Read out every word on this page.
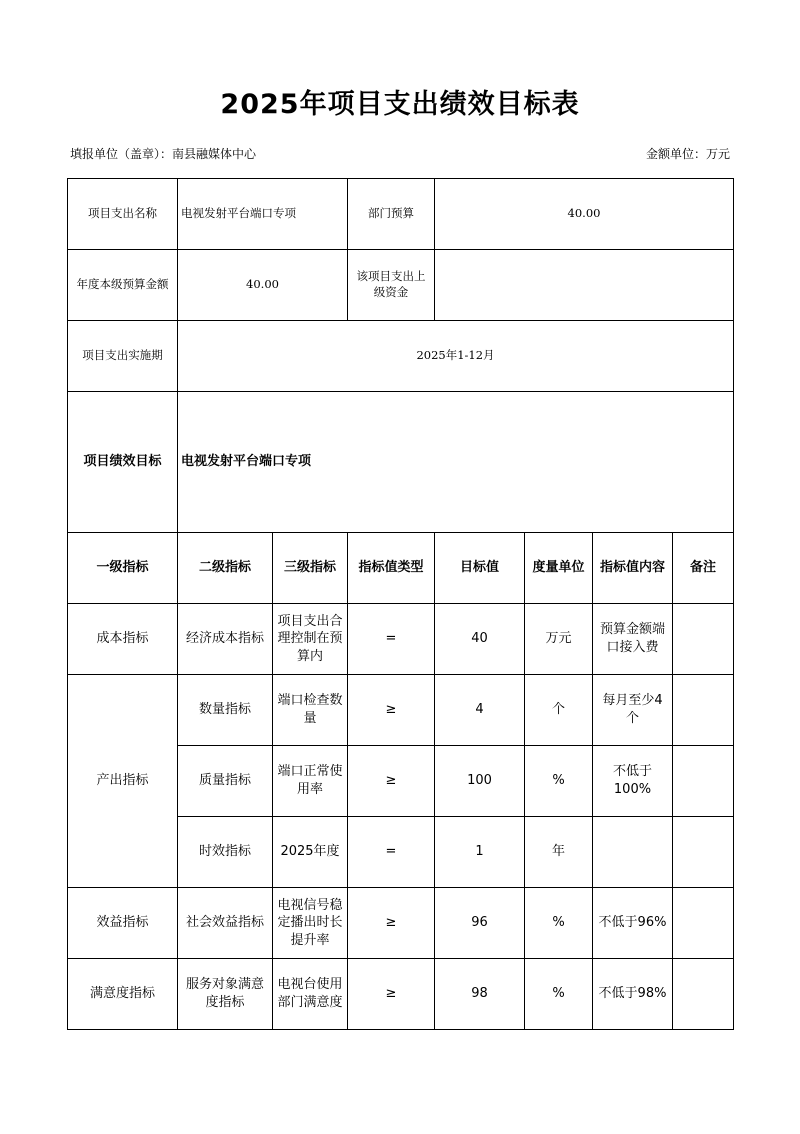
2025年项目支出绩效目标表
填报单位（盖章）：南县融媒体中心	金额单位：万元
项目支出名称	电视发射平台端口专项		部门预算	40.00			
年度本级预算金额	40.00		该项目支出上级资金				
项目支出实施期	2025年1-12月						
项目绩效目标	电视发射平台端口专项						
一级指标	二级指标	三级指标	指标值类型	目标值	度量单位	指标值内容	备注
成本指标	经济成本指标	项目支出合理控制在预算内	=	40	万元	预算金额端口接入费	
产出指标	数量指标	端口检查数量	≥	4	个	每月至少4个	
	质量指标	端口正常使用率	≥	100	%	不低于100%	
	时效指标	2025年度	=	1	年		
效益指标	社会效益指标	电视信号稳定播出时长提升率	≥	96	%	不低于96%	
满意度指标	服务对象满意度指标	电视台使用部门满意度	≥	98	%	不低于98%	
